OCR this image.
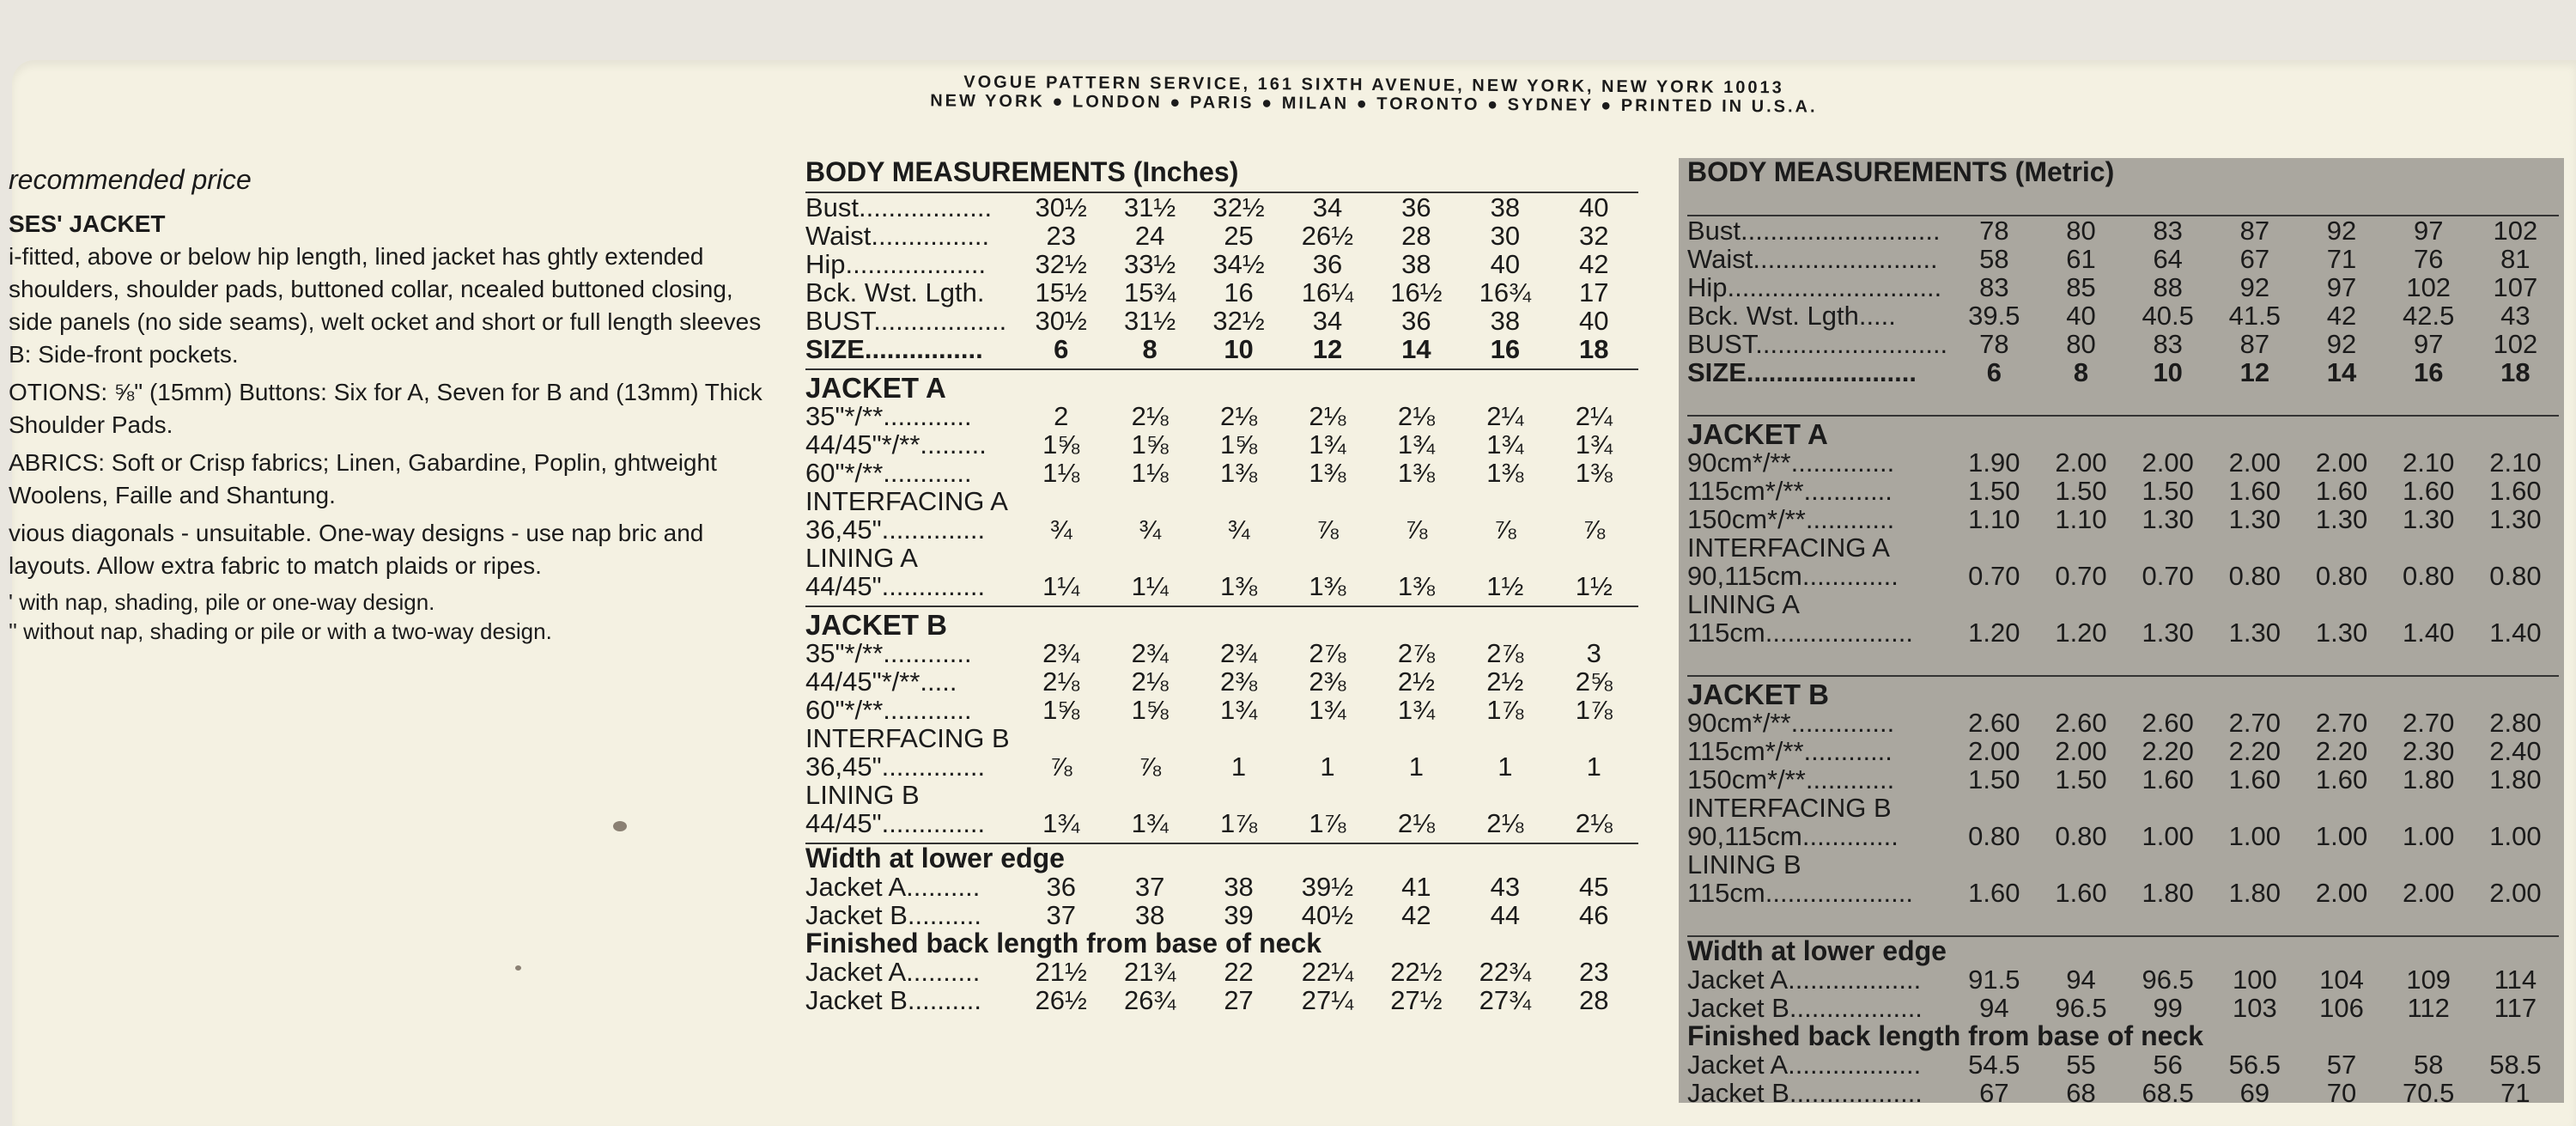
VOGUE PATTERN SERVICE, 161 SIXTH AVENUE, NEW YORK, NEW YORK 10013
NEW YORK ● LONDON ● PARIS ● MILAN ● TORONTO ● SYDNEY ● PRINTED IN U.S.A.
recommended price
SES' JACKET

i-fitted, above or below hip length, lined jacket has ghtly extended shoulders, shoulder pads, buttoned collar, ncealed buttoned closing, side panels (no side seams), welt ocket and short or full length sleeves B: Side-front pockets.

OTIONS: ⅝" (15mm) Buttons: Six for A, Seven for B and (13mm) Thick Shoulder Pads.

ABRICS: Soft or Crisp fabrics; Linen, Gabardine, Poplin, ghtweight Woolens, Faille and Shantung.

vious diagonals - unsuitable. One-way designs - use nap bric and layouts. Allow extra fabric to match plaids or ripes.

' with nap, shading, pile or one-way design.

'' without nap, shading or pile or with a two-way design.

BODY MEASUREMENTS (Inches)							

Bust..................	30½	31½	32½	34	36	38	40
Waist................	23	24	25	26½	28	30	32
Hip...................	32½	33½	34½	36	38	40	42
Bck. Wst. Lgth.	15½	15¾	16	16¼	16½	16¾	17
BUST..................	30½	31½	32½	34	36	38	40
SIZE................	6	8	10	12	14	16	18

JACKET A							
35"*/**............	2	2⅛	2⅛	2⅛	2⅛	2¼	2¼
44/45"*/**.........	1⅝	1⅝	1⅝	1¾	1¾	1¾	1¾
60"*/**............	1⅛	1⅛	1⅜	1⅜	1⅜	1⅜	1⅜
INTERFACING A							
36,45"..............	¾	¾	¾	⅞	⅞	⅞	⅞
LINING A							
44/45"..............	1¼	1¼	1⅜	1⅜	1⅜	1½	1½

JACKET B							
35"*/**............	2¾	2¾	2¾	2⅞	2⅞	2⅞	3
44/45"*/**.....	2⅛	2⅛	2⅜	2⅜	2½	2½	2⅝
60"*/**............	1⅝	1⅝	1¾	1¾	1¾	1⅞	1⅞
INTERFACING B							
36,45"..............	⅞	⅞	1	1	1	1	1
LINING B							
44/45"..............	1¾	1¾	1⅞	1⅞	2⅛	2⅛	2⅛

Width at lower edge							
Jacket A..........	36	37	38	39½	41	43	45
Jacket B..........	37	38	39	40½	42	44	46
Finished back length from base of neck							
Jacket A..........	21½	21¾	22	22¼	22½	22¾	23
Jacket B..........	26½	26¾	27	27¼	27½	27¾	28
BODY MEASUREMENTS (Metric)							

Bust...........................	78	80	83	87	92	97	102
Waist.........................	58	61	64	67	71	76	81
Hip.............................	83	85	88	92	97	102	107
Bck. Wst. Lgth.....	39.5	40	40.5	41.5	42	42.5	43
BUST..........................	78	80	83	87	92	97	102
SIZE.......................	6	8	10	12	14	16	18

JACKET A							
90cm*/**..............	1.90	2.00	2.00	2.00	2.00	2.10	2.10
115cm*/**............	1.50	1.50	1.50	1.60	1.60	1.60	1.60
150cm*/**............	1.10	1.10	1.30	1.30	1.30	1.30	1.30
INTERFACING A							
90,115cm.............	0.70	0.70	0.70	0.80	0.80	0.80	0.80
LINING A							
115cm....................	1.20	1.20	1.30	1.30	1.30	1.40	1.40

JACKET B							
90cm*/**..............	2.60	2.60	2.60	2.70	2.70	2.70	2.80
115cm*/**............	2.00	2.00	2.20	2.20	2.20	2.30	2.40
150cm*/**............	1.50	1.50	1.60	1.60	1.60	1.80	1.80
INTERFACING B							
90,115cm.............	0.80	0.80	1.00	1.00	1.00	1.00	1.00
LINING B							
115cm....................	1.60	1.60	1.80	1.80	2.00	2.00	2.00

Width at lower edge							
Jacket A..................	91.5	94	96.5	100	104	109	114
Jacket B..................	94	96.5	99	103	106	112	117
Finished back length from base of neck							
Jacket A..................	54.5	55	56	56.5	57	58	58.5
Jacket B..................	67	68	68.5	69	70	70.5	71
